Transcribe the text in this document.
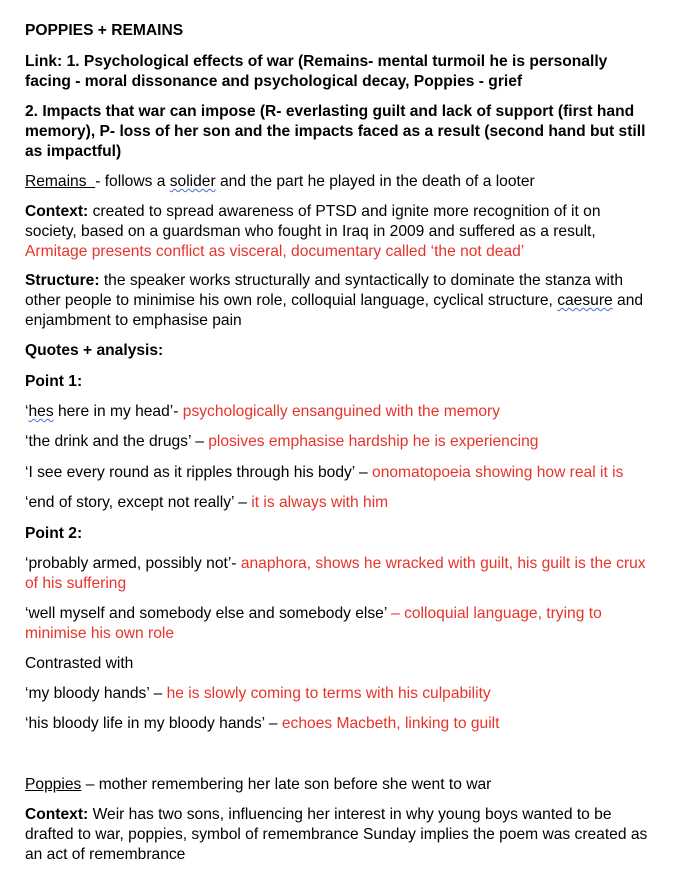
POPPIES + REMAINS
Link: 1. Psychological effects of war (Remains- mental turmoil he is personally facing - moral dissonance and psychological decay, Poppies - grief
2. Impacts that war can impose (R- everlasting guilt and lack of support (first hand memory), P- loss of her son and the impacts faced as a result (second hand but still as impactful)
Remains - follows a solider and the part he played in the death of a looter
Context: created to spread awareness of PTSD and ignite more recognition of it on society, based on a guardsman who fought in Iraq in 2009 and suffered as a result, Armitage presents conflict as visceral, documentary called ‘the not dead’
Structure: the speaker works structurally and syntactically to dominate the stanza with other people to minimise his own role, colloquial language, cyclical structure, caesure and enjambment to emphasise pain
Quotes + analysis:
Point 1:
‘hes here in my head’- psychologically ensanguined with the memory
‘the drink and the drugs’ – plosives emphasise hardship he is experiencing
‘I see every round as it ripples through his body’ – onomatopoeia showing how real it is
‘end of story, except not really’ – it is always with him
Point 2:
‘probably armed, possibly not’- anaphora, shows he wracked with guilt, his guilt is the crux of his suffering
‘well myself and somebody else and somebody else’ – colloquial language, trying to minimise his own role
Contrasted with
‘my bloody hands’ – he is slowly coming to terms with his culpability
‘his bloody life in my bloody hands’ – echoes Macbeth, linking to guilt
Poppies – mother remembering her late son before she went to war
Context: Weir has two sons, influencing her interest in why young boys wanted to be drafted to war, poppies, symbol of remembrance Sunday implies the poem was created as an act of remembrance
